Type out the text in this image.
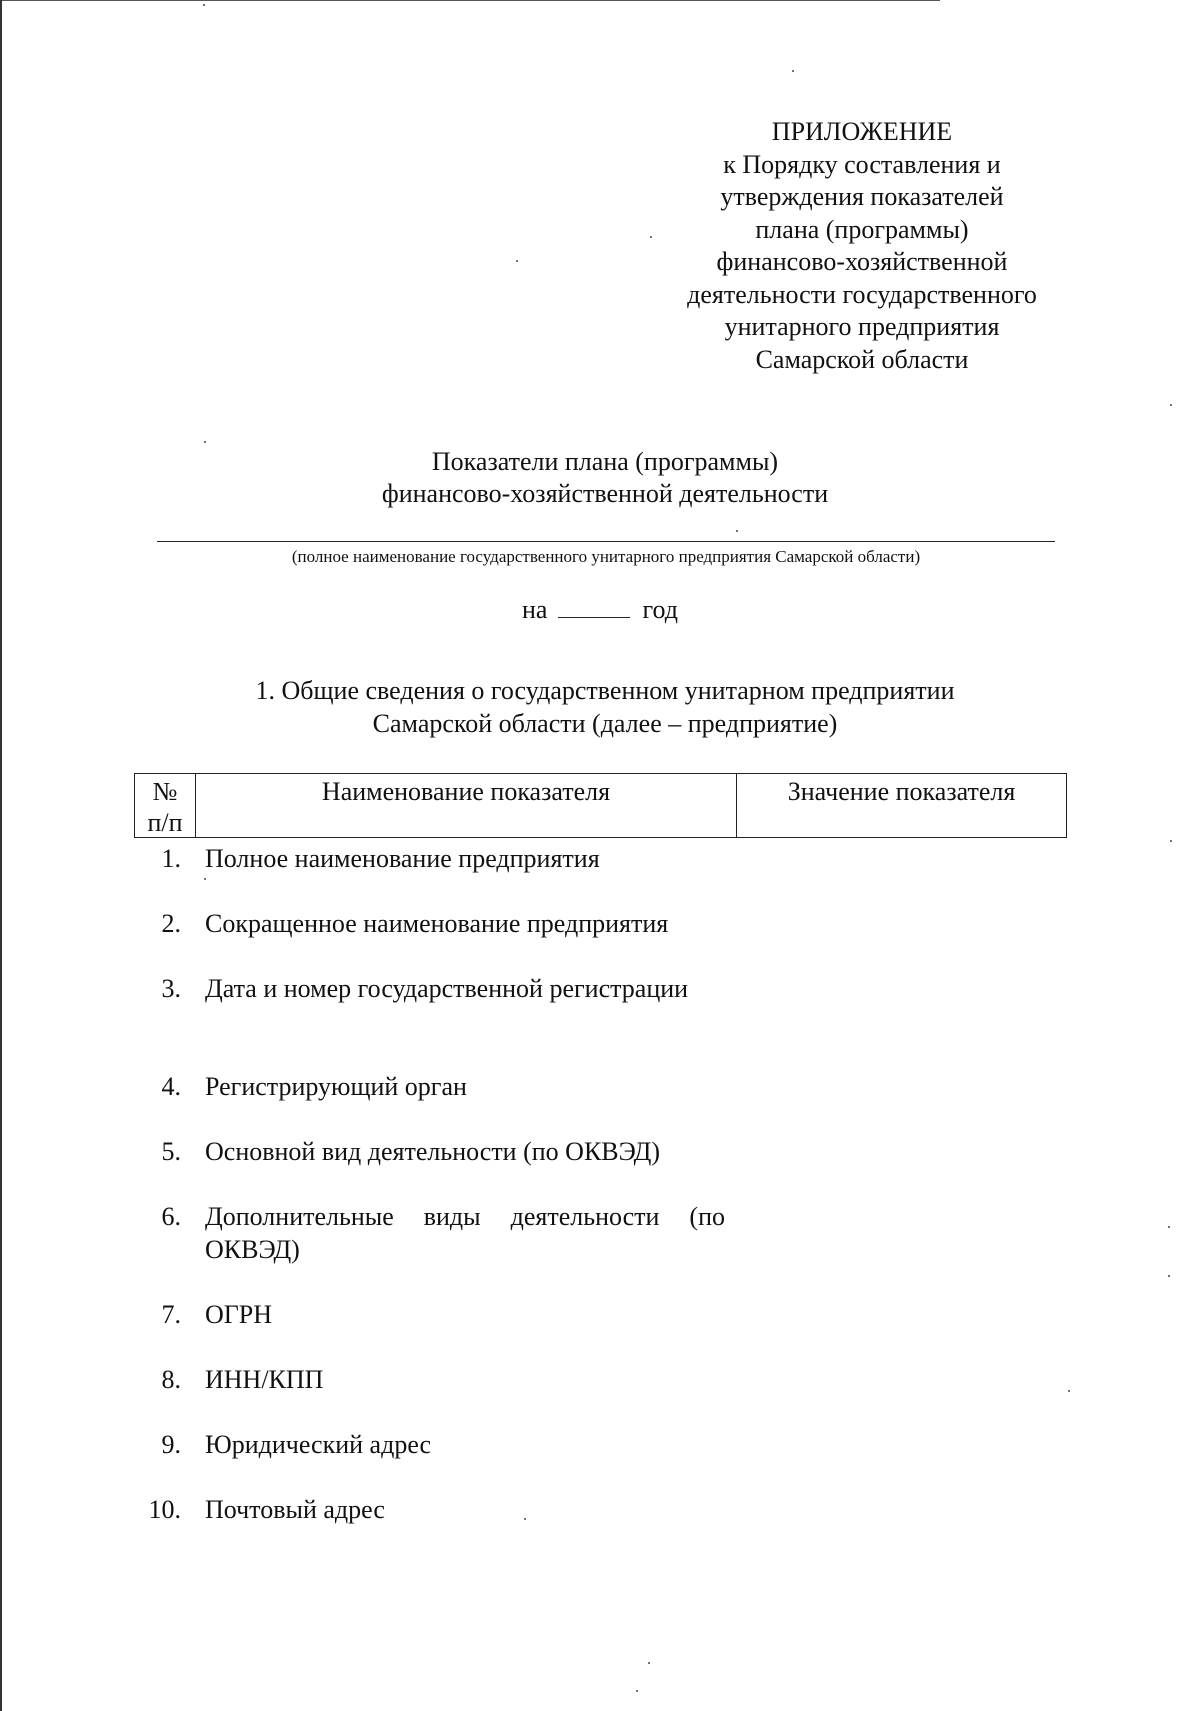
ПРИЛОЖЕНИЕ
к Порядку составления и
утверждения показателей
плана (программы)
финансово-хозяйственной
деятельности государственного
унитарного предприятия
Самарской области
Показатели плана (программы)
финансово-хозяйственной деятельности
(полное наименование государственного унитарного предприятия Самарской области)
на	год
1. Общие сведения о государственном унитарном предприятии
Самарской области (далее – предприятие)
№
п/п
Наименование показателя	Значение показателя
1. Полное наименование предприятия
2. Сокращенное наименование предприятия
3. Дата и номер государственной регистрации
4. Регистрирующий орган
5. Основной вид деятельности (по ОКВЭД)
6. Дополнительные виды деятельности (по ОКВЭД)
7. ОГРН
8. ИНН/КПП
9. Юридический адрес
10. Почтовый адрес
